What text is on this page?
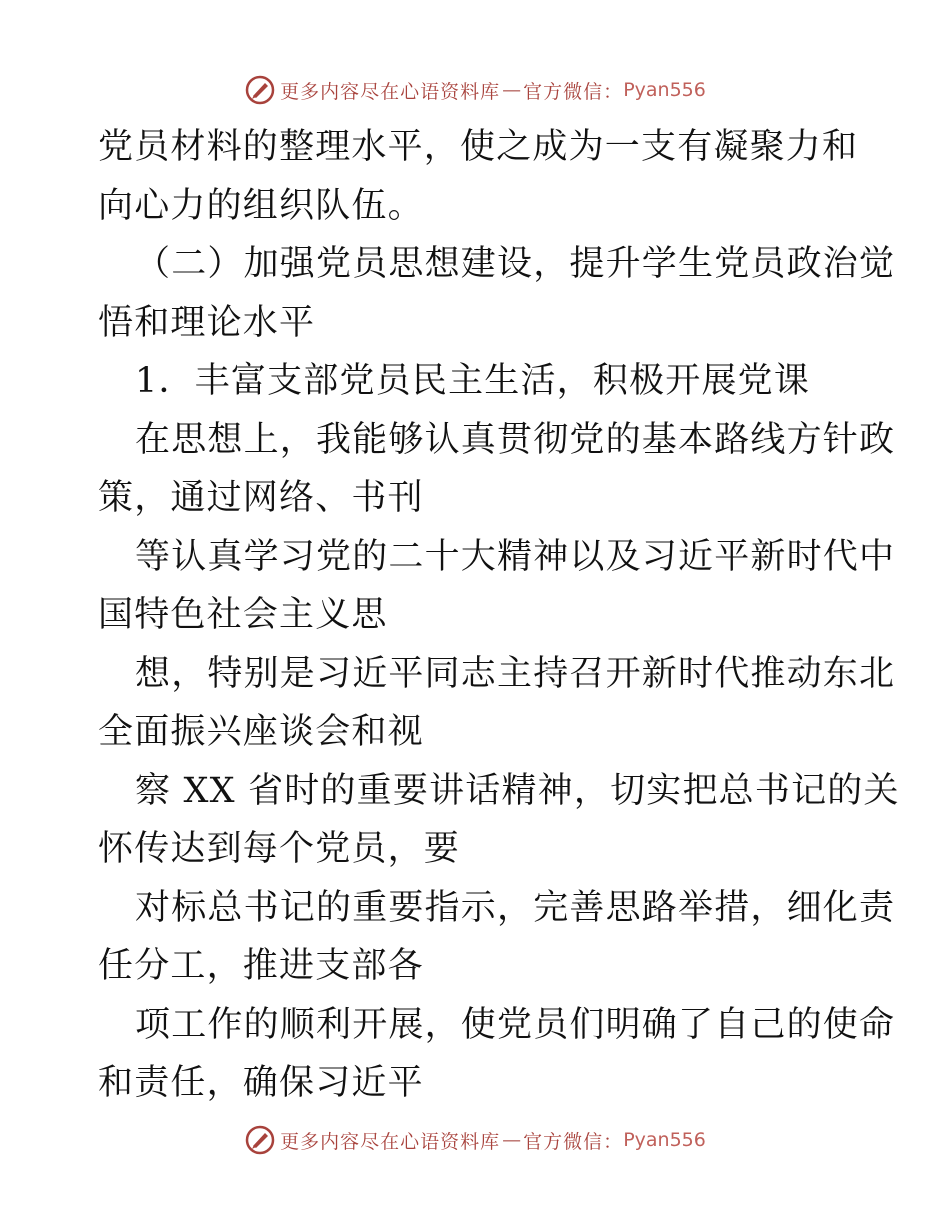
更多内容尽在心语资料库 — 官方微信： Pyan556
党员材料的整理水平，使之成为一支有凝聚力和
向心力的组织队伍。
（二）加强党员思想建设，提升学生党员政治觉
悟和理论水平
1．丰富支部党员民主生活，积极开展党课
在思想上，我能够认真贯彻党的基本路线方针政
策，通过网络、书刊
等认真学习党的二十大精神以及习近平新时代中
国特色社会主义思
想，特别是习近平同志主持召开新时代推动东北
全面振兴座谈会和视
察 XX 省时的重要讲话精神，切实把总书记的关
怀传达到每个党员，要
对标总书记的重要指示，完善思路举措，细化责
任分工，推进支部各
项工作的顺利开展，使党员们明确了自己的使命
和责任，确保习近平
更多内容尽在心语资料库 — 官方微信： Pyan556
